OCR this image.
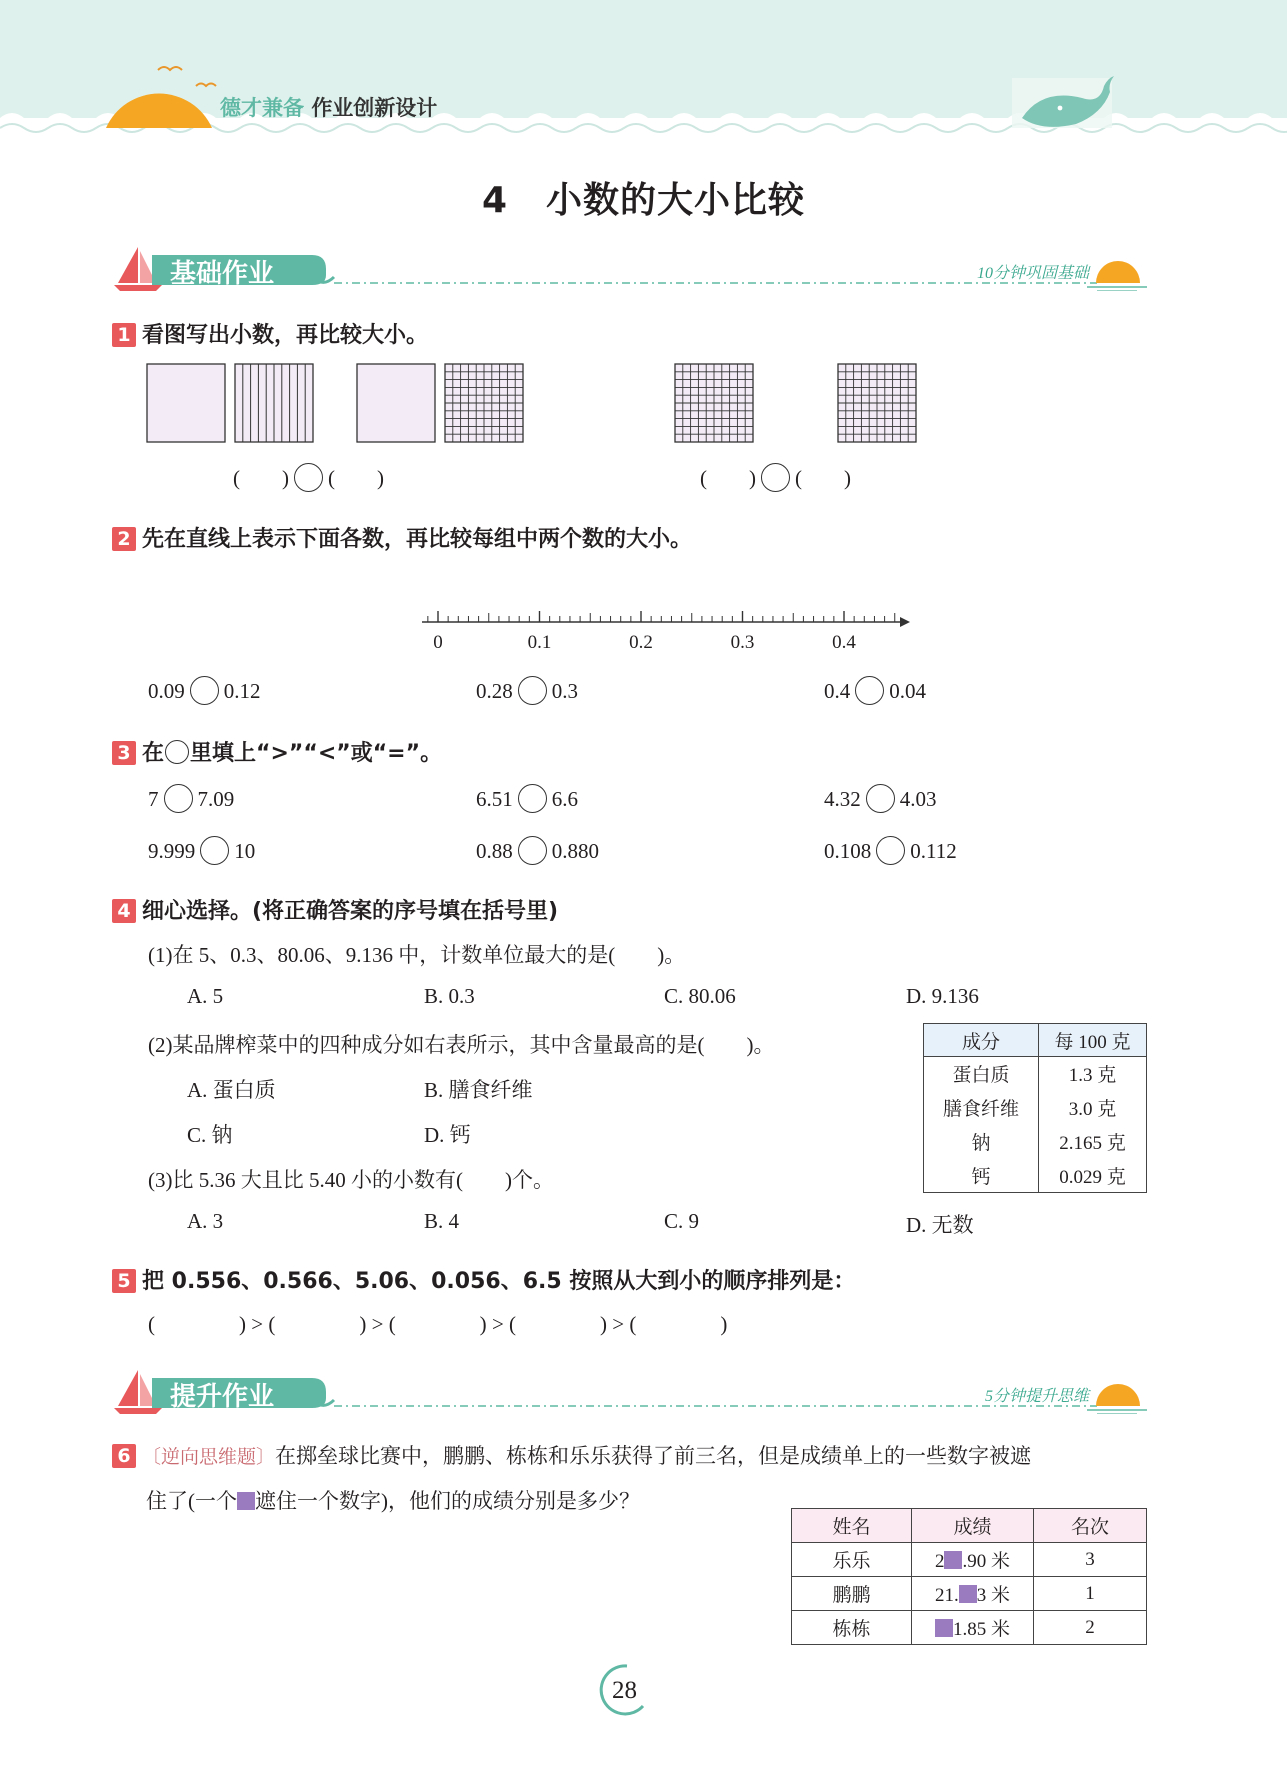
德才兼备 作业创新设计
4 小数的大小比较
基础作业	10分钟巩固基础
1 看图写出小数，再比较大小。
(　　) (　　)	(　　) (　　)
2 先在直线上表示下面各数，再比较每组中两个数的大小。
0	0.1	0.2	0.3	0.4
0.09 0.12	0.28 0.3	0.4 0.04
3 在 里填上“>”“<”或“=”。
7 7.09	6.51 6.6	4.32 4.03
9.999 10	0.88 0.880	0.108 0.112
4 细心选择。(将正确答案的序号填在括号里)
(1)在 5、0.3、80.06、9.136 中，计数单位最大的是(　　)。
A. 5	B. 0.3	C. 80.06	D. 9.136
(2)某品牌榨菜中的四种成分如右表所示，其中含量最高的是(　　)。
A. 蛋白质	B. 膳食纤维
C. 钠	D. 钙
(3)比 5.36 大且比 5.40 小的小数有(　　)个。
A. 3	B. 4	C. 9	D. 无数
成分	每 100 克
蛋白质	1.3 克
膳食纤维	3.0 克
钠	2.165 克
钙	0.029 克
5 把 0.556、0.566、5.06、0.056、6.5 按照从大到小的顺序排列是：
(　　　　) > (　　　　) > (　　　　) > (　　　　) > (　　　　)
提升作业	5分钟提升思维
6 〔逆向思维题〕在掷垒球比赛中，鹏鹏、栋栋和乐乐获得了前三名，但是成绩单上的一些数字被遮
住了(一个 遮住一个数字)，他们的成绩分别是多少？
姓名	成绩	名次
乐乐	2 .90 米	3
鹏鹏	21. 3 米	1
栋栋	1.85 米	2
28
